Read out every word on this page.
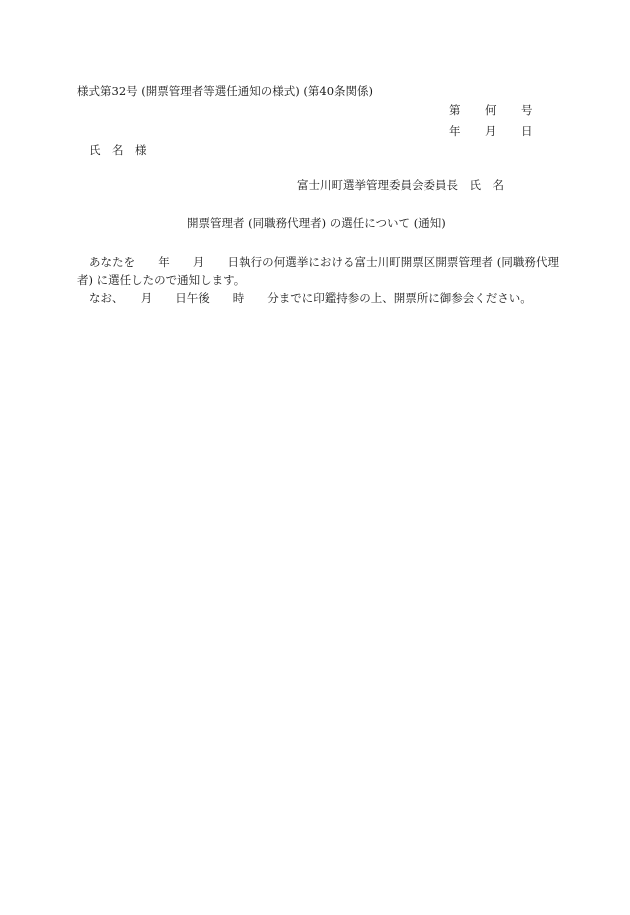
様式第32号 (開票管理者等選任通知の様式) (第40条関係)
第 何 号
年 月 日
氏　名　様
富士川町選挙管理委員会委員長　氏　名
開票管理者 (同職務代理者) の選任について (通知)

あなたを　　年　　月　　日執行の何選挙における富士川町開票区開票管理者 (同職務代理者) に選任したので通知します。

なお、　　月　　日午後　　時　　分までに印鑑持参の上、開票所に御参会ください。
